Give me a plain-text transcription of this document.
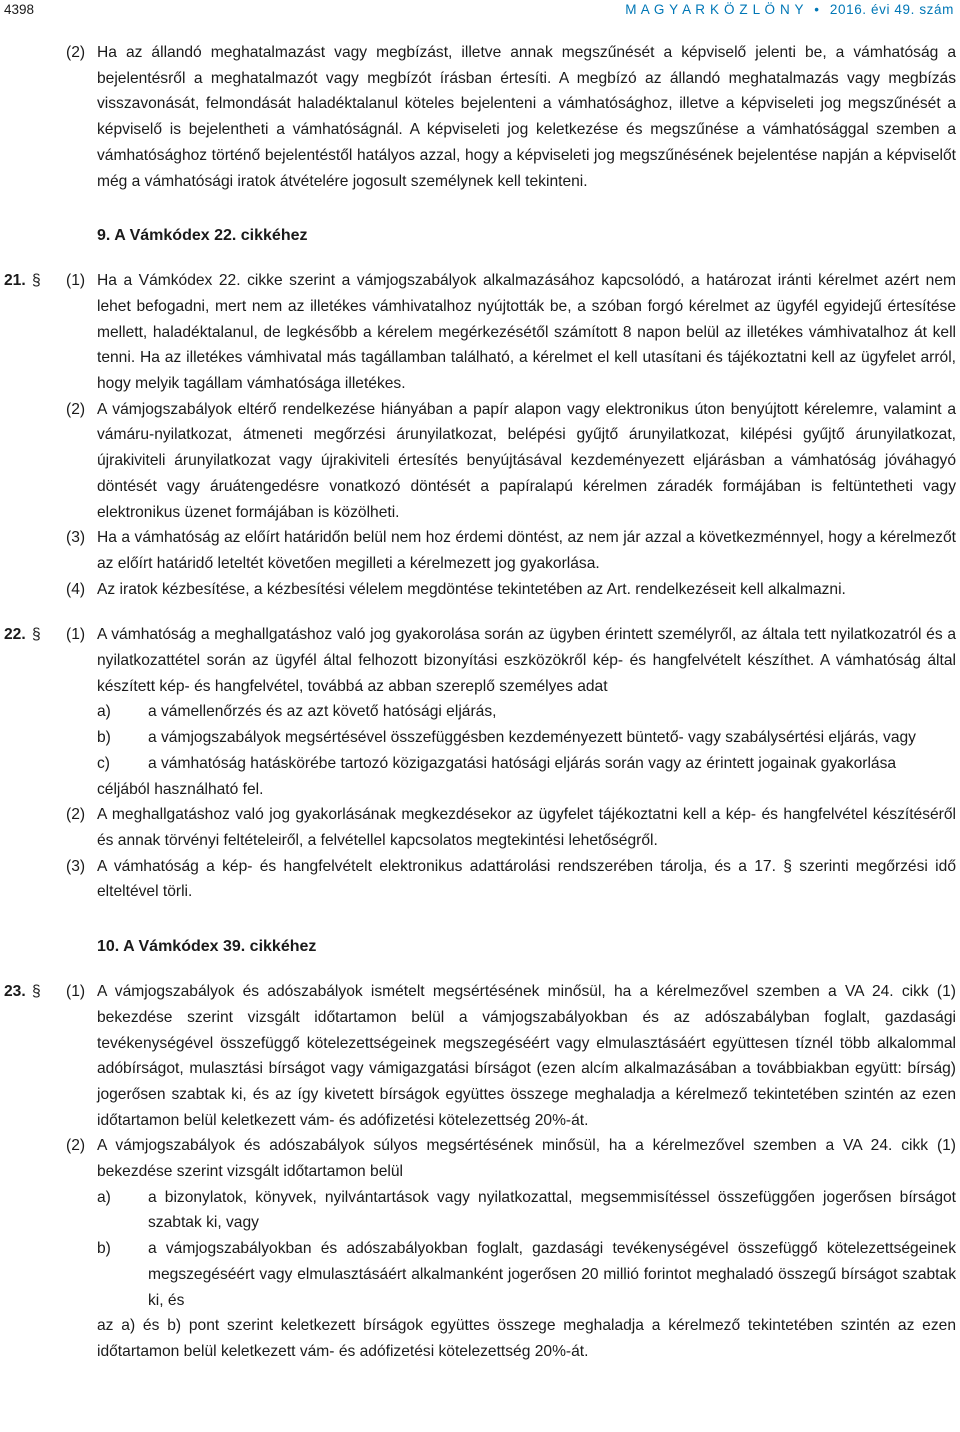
4398	M A G Y A R K Ö Z L Ö N Y • 2016. évi 49. szám
(2) Ha az állandó meghatalmazást vagy megbízást, illetve annak megszűnését a képviselő jelenti be, a vámhatóság a bejelentésről a meghatalmazót vagy megbízót írásban értesíti. A megbízó az állandó meghatalmazás vagy megbízás visszavonását, felmondását haladéktalanul köteles bejelenteni a vámhatósághoz, illetve a képviseleti jog megszűnését a képviselő is bejelentheti a vámhatóságnál. A képviseleti jog keletkezése és megszűnése a vámhatósággal szemben a vámhatósághoz történő bejelentéstől hatályos azzal, hogy a képviseleti jog megszűnésének bejelentése napján a képviselőt még a vámhatósági iratok átvételére jogosult személynek kell tekinteni.

9. A Vámkódex 22. cikkéhez
21. § (1) Ha a Vámkódex 22. cikke szerint a vámjogszabályok alkalmazásához kapcsolódó, a határozat iránti kérelmet azért nem lehet befogadni, mert nem az illetékes vámhivatalhoz nyújtották be, a szóban forgó kérelmet az ügyfél egyidejű értesítése mellett, haladéktalanul, de legkésőbb a kérelem megérkezésétől számított 8 napon belül az illetékes vámhivatalhoz át kell tenni. Ha az illetékes vámhivatal más tagállamban található, a kérelmet el kell utasítani és tájékoztatni kell az ügyfelet arról, hogy melyik tagállam vámhatósága illetékes.

(2) A vámjogszabályok eltérő rendelkezése hiányában a papír alapon vagy elektronikus úton benyújtott kérelemre, valamint a vámáru-nyilatkozat, átmeneti megőrzési árunyilatkozat, belépési gyűjtő árunyilatkozat, kilépési gyűjtő árunyilatkozat, újrakiviteli árunyilatkozat vagy újrakiviteli értesítés benyújtásával kezdeményezett eljárásban a vámhatóság jóváhagyó döntését vagy áruátengedésre vonatkozó döntését a papíralapú kérelmen záradék formájában is feltüntetheti vagy elektronikus üzenet formájában is közölheti.

(3) Ha a vámhatóság az előírt határidőn belül nem hoz érdemi döntést, az nem jár azzal a következménnyel, hogy a kérelmezőt az előírt határidő leteltét követően megilleti a kérelmezett jog gyakorlása.

(4) Az iratok kézbesítése, a kézbesítési vélelem megdöntése tekintetében az Art. rendelkezéseit kell alkalmazni.

22. § (1) A vámhatóság a meghallgatáshoz való jog gyakorolása során az ügyben érintett személyről, az általa tett nyilatkozatról és a nyilatkozattétel során az ügyfél által felhozott bizonyítási eszközökről kép- és hangfelvételt készíthet. A vámhatóság által készített kép- és hangfelvétel, továbbá az abban szereplő személyes adat

a) a vámellenőrzés és az azt követő hatósági eljárás,

b) a vámjogszabályok megsértésével összefüggésben kezdeményezett büntető- vagy szabálysértési eljárás, vagy

c) a vámhatóság hatáskörébe tartozó közigazgatási hatósági eljárás során vagy az érintett jogainak gyakorlása

céljából használható fel.

(2) A meghallgatáshoz való jog gyakorlásának megkezdésekor az ügyfelet tájékoztatni kell a kép- és hangfelvétel készítéséről és annak törvényi feltételeiről, a felvétellel kapcsolatos megtekintési lehetőségről.

(3) A vámhatóság a kép- és hangfelvételt elektronikus adattárolási rendszerében tárolja, és a 17. § szerinti megőrzési idő elteltével törli.

10. A Vámkódex 39. cikkéhez
23. § (1) A vámjogszabályok és adószabályok ismételt megsértésének minősül, ha a kérelmezővel szemben a VA 24. cikk (1) bekezdése szerint vizsgált időtartamon belül a vámjogszabályokban és az adószabályban foglalt, gazdasági tevékenységével összefüggő kötelezettségeinek megszegéséért vagy elmulasztásáért együttesen tíznél több alkalommal adóbírságot, mulasztási bírságot vagy vámigazgatási bírságot (ezen alcím alkalmazásában a továbbiakban együtt: bírság) jogerősen szabtak ki, és az így kivetett bírságok együttes összege meghaladja a kérelmező tekintetében szintén az ezen időtartamon belül keletkezett vám- és adófizetési kötelezettség 20%-át.

(2) A vámjogszabályok és adószabályok súlyos megsértésének minősül, ha a kérelmezővel szemben a VA 24. cikk (1) bekezdése szerint vizsgált időtartamon belül

a) a bizonylatok, könyvek, nyilvántartások vagy nyilatkozattal, megsemmisítéssel összefüggően jogerősen bírságot szabtak ki, vagy

b) a vámjogszabályokban és adószabályokban foglalt, gazdasági tevékenységével összefüggő kötelezettségeinek megszegéséért vagy elmulasztásáért alkalmanként jogerősen 20 millió forintot meghaladó összegű bírságot szabtak ki, és

az a) és b) pont szerint keletkezett bírságok együttes összege meghaladja a kérelmező tekintetében szintén az ezen időtartamon belül keletkezett vám- és adófizetési kötelezettség 20%-át.
